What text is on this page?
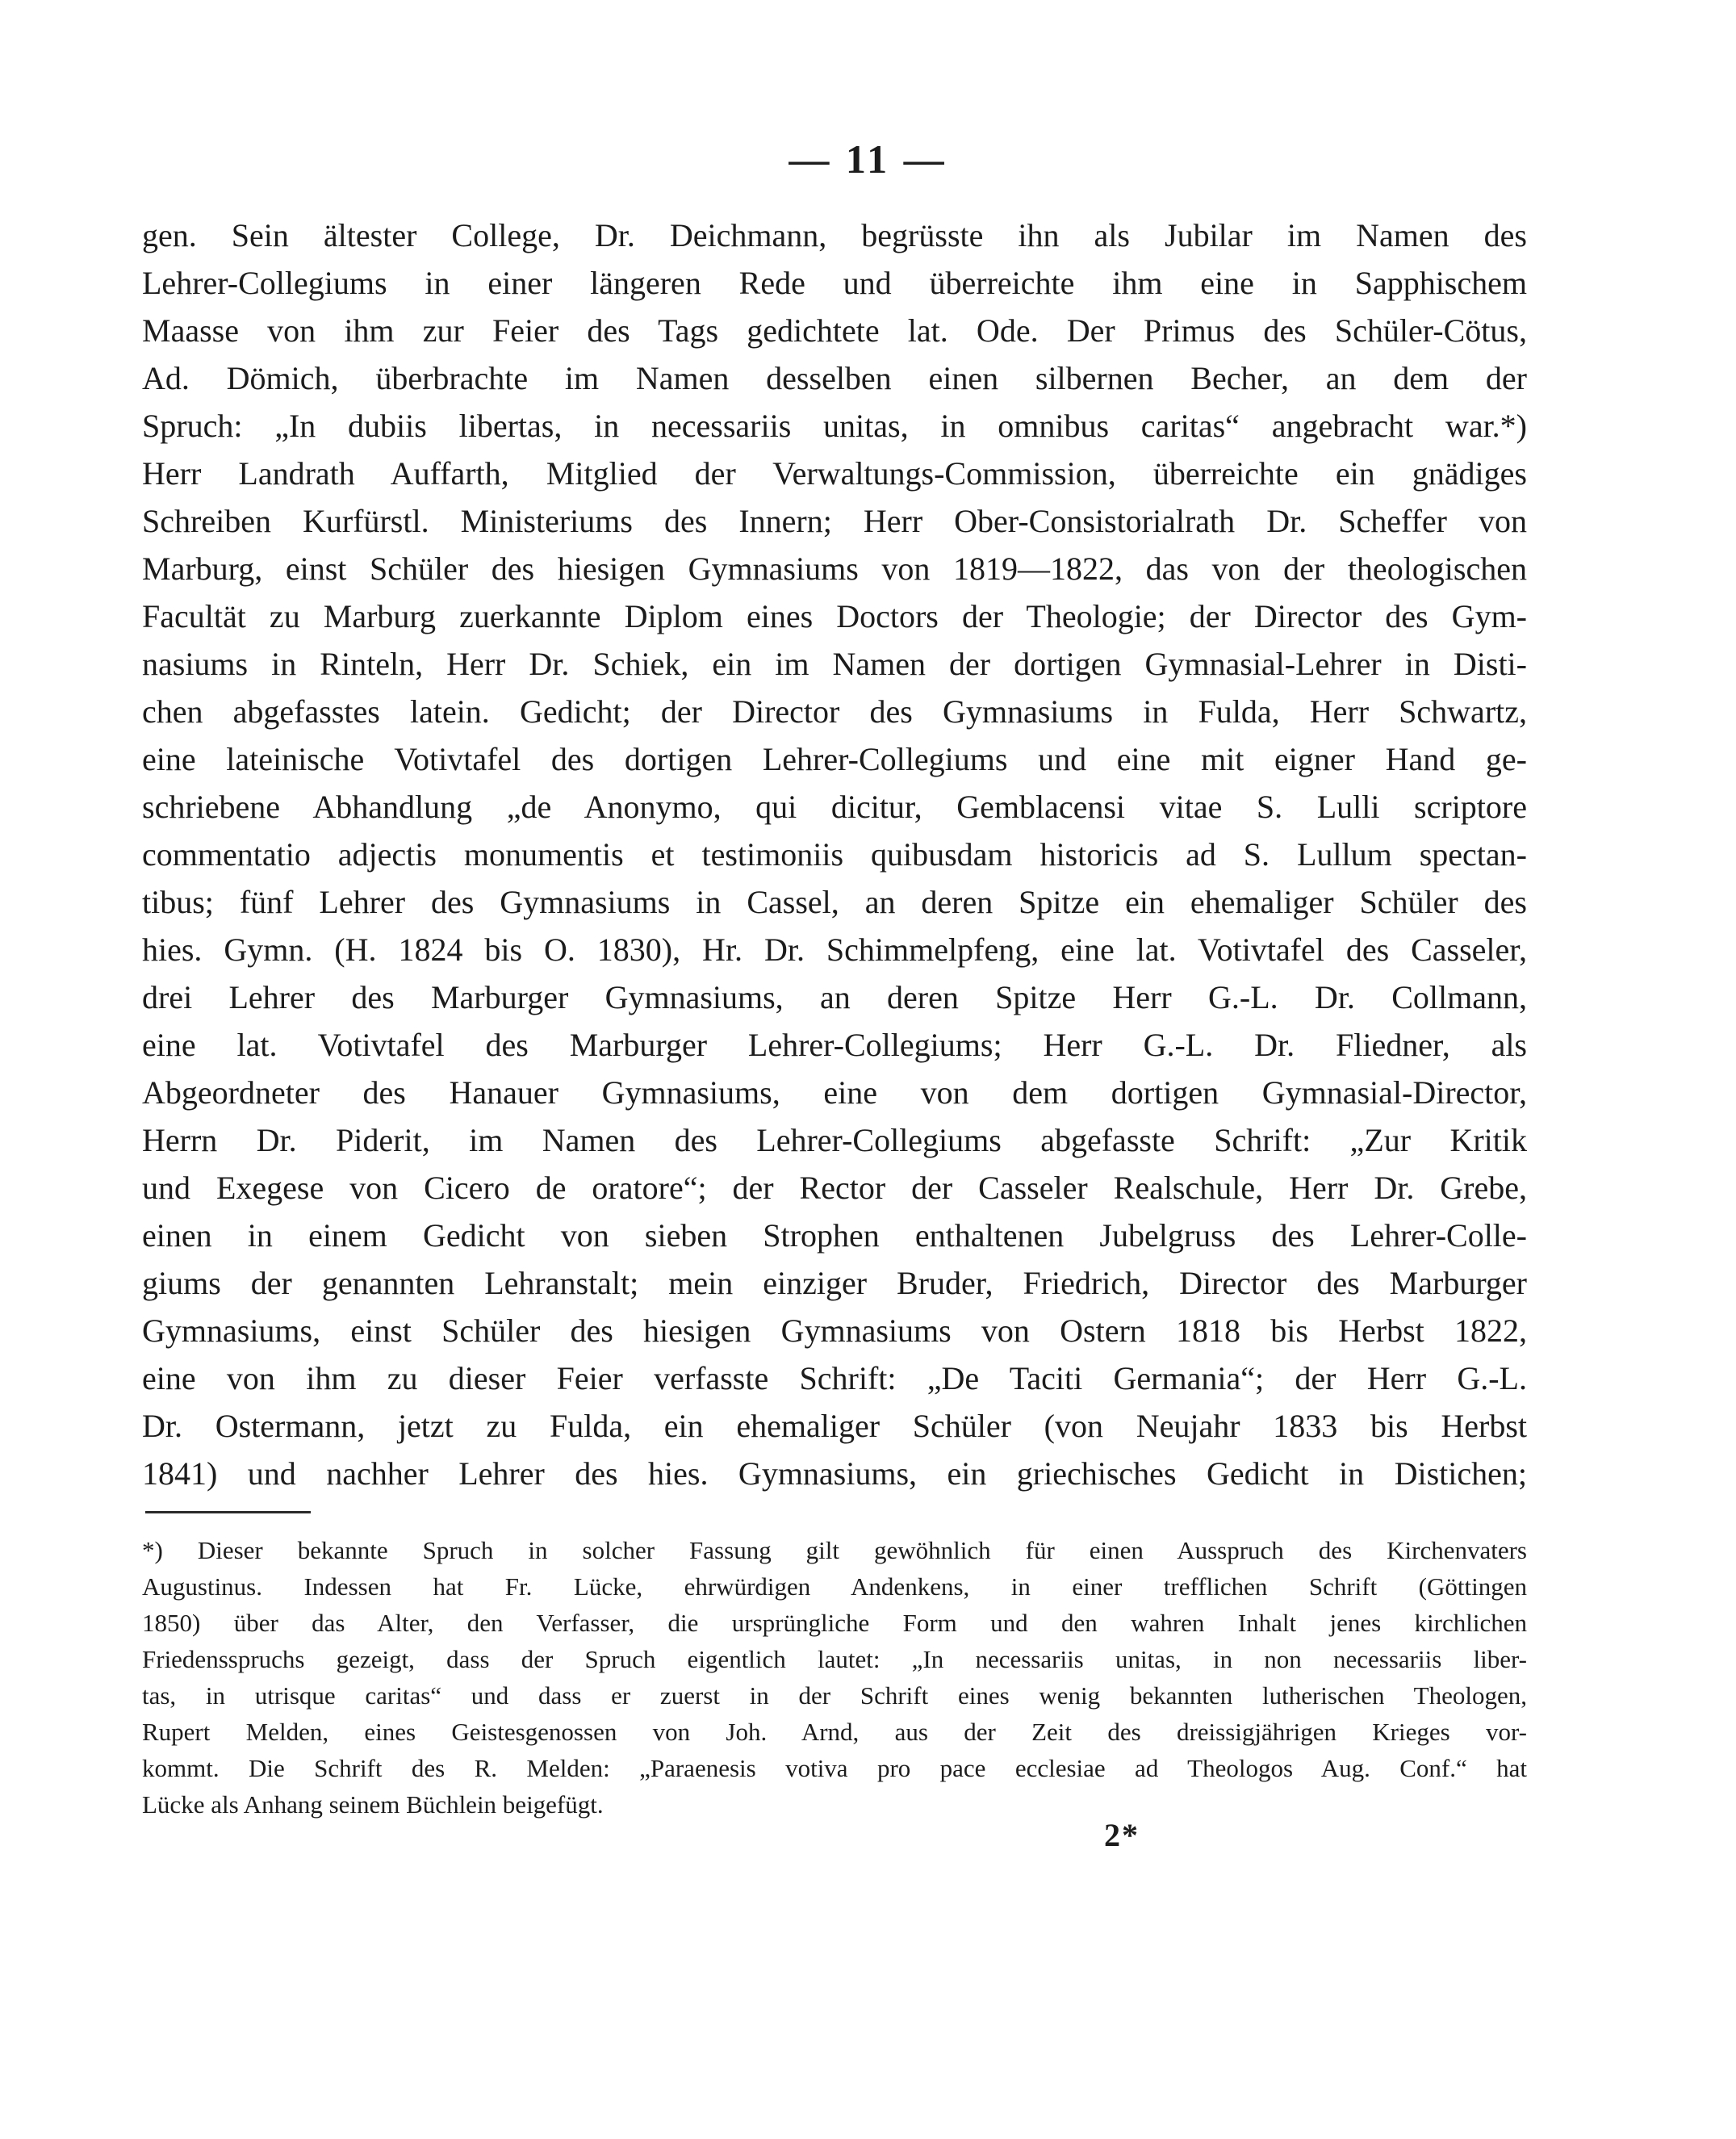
— 11 —
gen. Sein ältester College, Dr. Deichmann, begrüsste ihn als Jubilar im Namen des
Lehrer-Collegiums in einer längeren Rede und überreichte ihm eine in Sapphischem
Maasse von ihm zur Feier des Tags gedichtete lat. Ode. Der Primus des Schüler-Cötus,
Ad. Dömich, überbrachte im Namen desselben einen silbernen Becher, an dem der
Spruch: „In dubiis libertas, in necessariis unitas, in omnibus caritas“ angebracht war.*)
Herr Landrath Auffarth, Mitglied der Verwaltungs-Commission, überreichte ein gnädiges
Schreiben Kurfürstl. Ministeriums des Innern; Herr Ober-Consistorialrath Dr. Scheffer von
Marburg, einst Schüler des hiesigen Gymnasiums von 1819—1822, das von der theologischen
Facultät zu Marburg zuerkannte Diplom eines Doctors der Theologie; der Director des Gym-
nasiums in Rinteln, Herr Dr. Schiek, ein im Namen der dortigen Gymnasial-Lehrer in Disti-
chen abgefasstes latein. Gedicht; der Director des Gymnasiums in Fulda, Herr Schwartz,
eine lateinische Votivtafel des dortigen Lehrer-Collegiums und eine mit eigner Hand ge-
schriebene Abhandlung „de Anonymo, qui dicitur, Gemblacensi vitae S. Lulli scriptore
commentatio adjectis monumentis et testimoniis quibusdam historicis ad S. Lullum spectan-
tibus; fünf Lehrer des Gymnasiums in Cassel, an deren Spitze ein ehemaliger Schüler des
hies. Gymn. (H. 1824 bis O. 1830), Hr. Dr. Schimmelpfeng, eine lat. Votivtafel des Casseler,
drei Lehrer des Marburger Gymnasiums, an deren Spitze Herr G.-L. Dr. Collmann,
eine lat. Votivtafel des Marburger Lehrer-Collegiums; Herr G.-L. Dr. Fliedner, als
Abgeordneter des Hanauer Gymnasiums, eine von dem dortigen Gymnasial-Director,
Herrn Dr. Piderit, im Namen des Lehrer-Collegiums abgefasste Schrift: „Zur Kritik
und Exegese von Cicero de oratore“; der Rector der Casseler Realschule, Herr Dr. Grebe,
einen in einem Gedicht von sieben Strophen enthaltenen Jubelgruss des Lehrer-Colle-
giums der genannten Lehranstalt; mein einziger Bruder, Friedrich, Director des Marburger
Gymnasiums, einst Schüler des hiesigen Gymnasiums von Ostern 1818 bis Herbst 1822,
eine von ihm zu dieser Feier verfasste Schrift: „De Taciti Germania“; der Herr G.-L.
Dr. Ostermann, jetzt zu Fulda, ein ehemaliger Schüler (von Neujahr 1833 bis Herbst
1841) und nachher Lehrer des hies. Gymnasiums, ein griechisches Gedicht in Distichen;
*) Dieser bekannte Spruch in solcher Fassung gilt gewöhnlich für einen Ausspruch des Kirchenvaters
Augustinus. Indessen hat Fr. Lücke, ehrwürdigen Andenkens, in einer trefflichen Schrift (Göttingen
1850) über das Alter, den Verfasser, die ursprüngliche Form und den wahren Inhalt jenes kirchlichen
Friedensspruchs gezeigt, dass der Spruch eigentlich lautet: „In necessariis unitas, in non necessariis liber-
tas, in utrisque caritas“ und dass er zuerst in der Schrift eines wenig bekannten lutherischen Theologen,
Rupert Melden, eines Geistesgenossen von Joh. Arnd, aus der Zeit des dreissigjährigen Krieges vor-
kommt. Die Schrift des R. Melden: „Paraenesis votiva pro pace ecclesiae ad Theologos Aug. Conf.“ hat
Lücke als Anhang seinem Büchlein beigefügt.
2*
